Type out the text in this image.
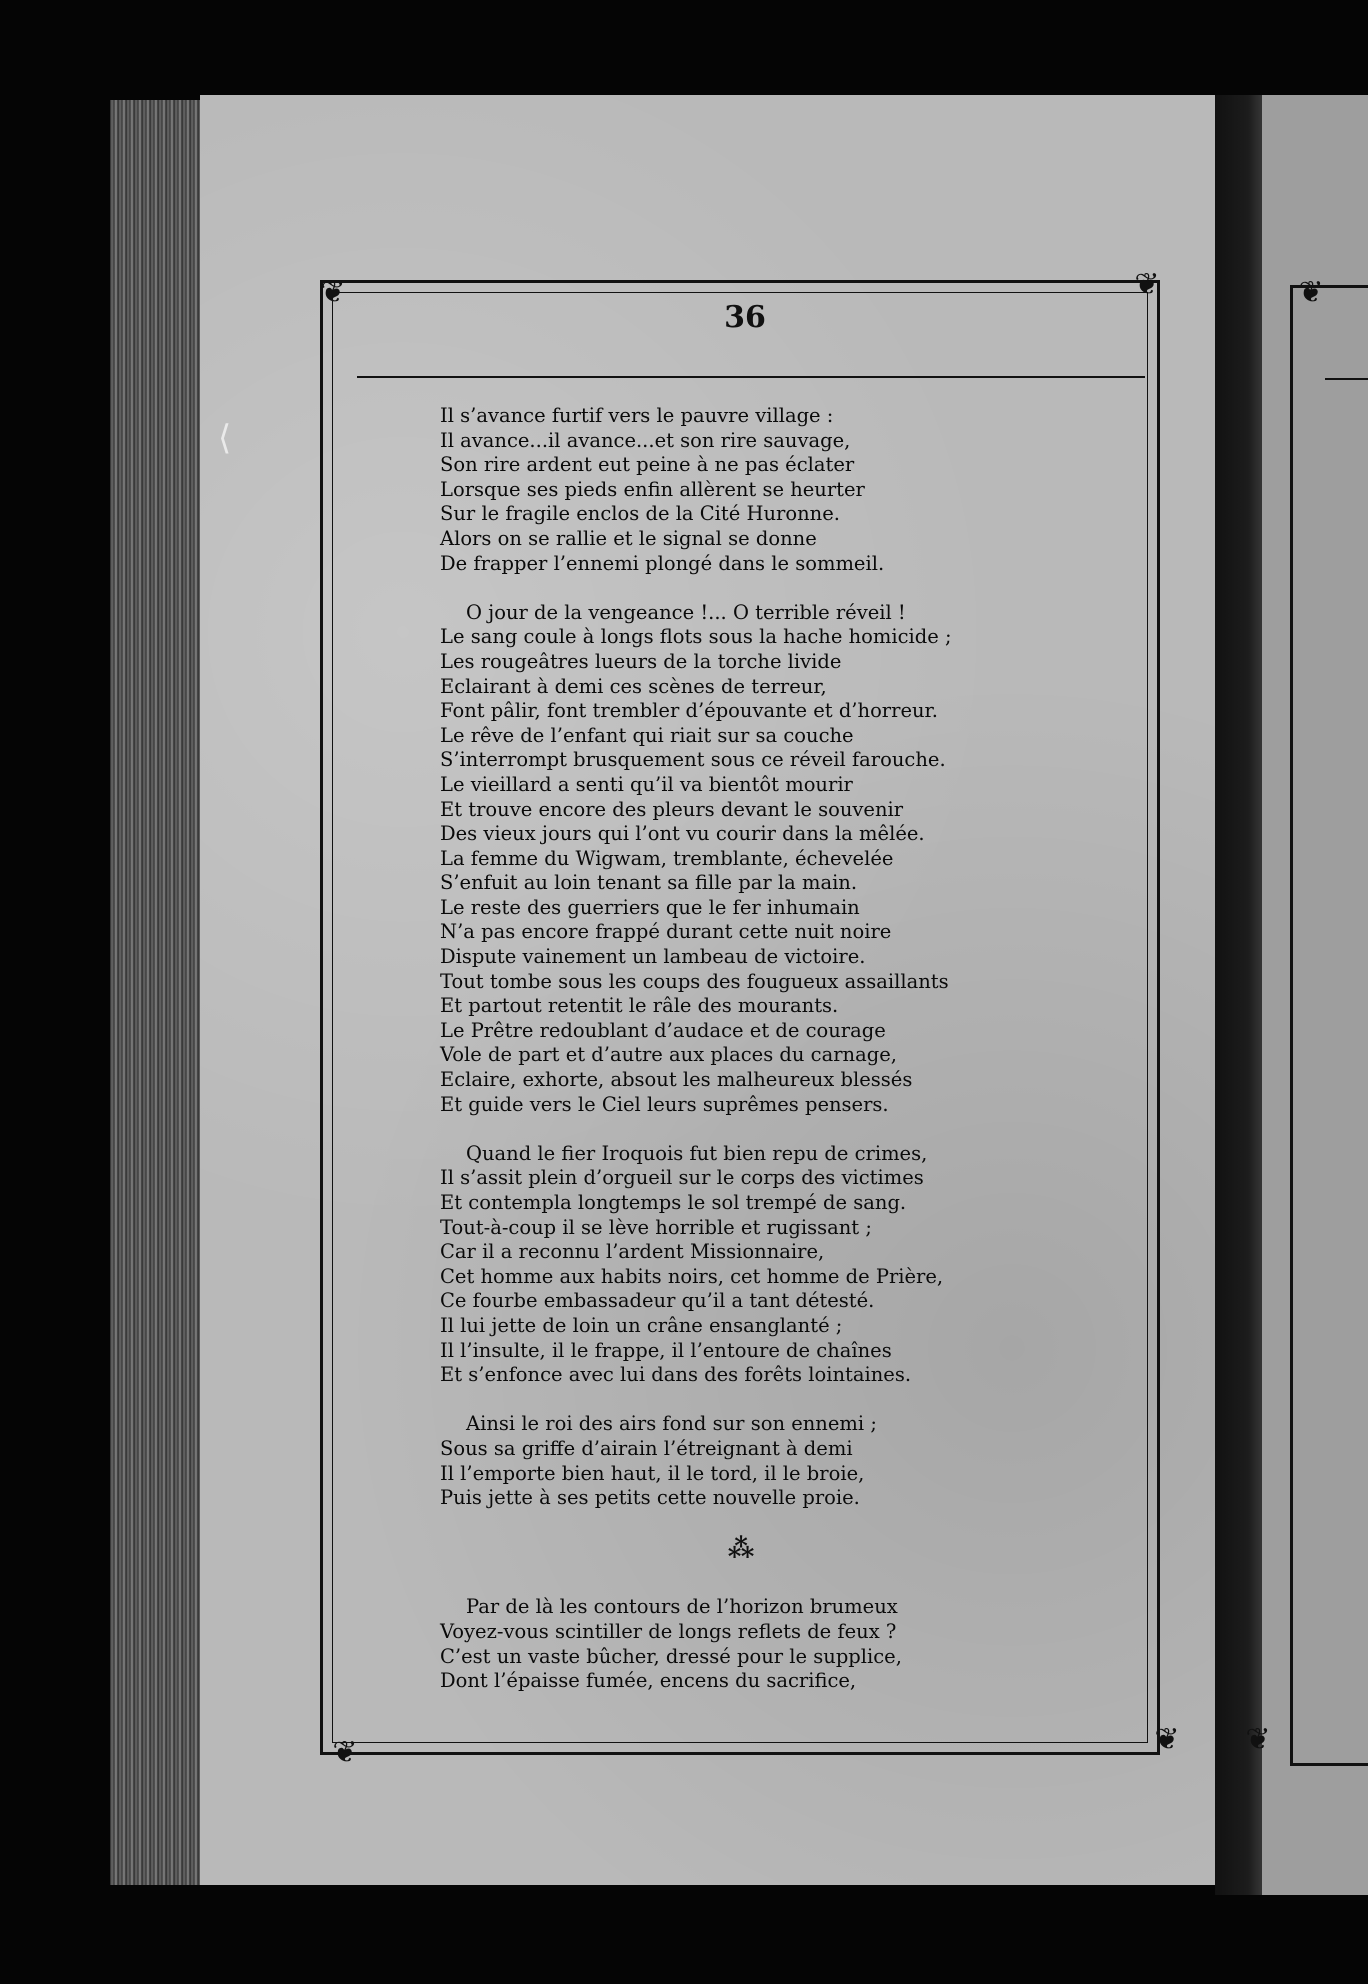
⟨
❦	❦
❦	❦
❦
❦
36
Il s’avance furtif vers le pauvre village :
Il avance...il avance...et son rire sauvage,
Son rire ardent eut peine à ne pas éclater
Lorsque ses pieds enfin allèrent se heurter
Sur le fragile enclos de la Cité Huronne.
Alors on se rallie et le signal se donne
De frapper l’ennemi plongé dans le sommeil.
O jour de la vengeance !... O terrible réveil !
Le sang coule à longs flots sous la hache homicide ;
Les rougeâtres lueurs de la torche livide
Eclairant à demi ces scènes de terreur,
Font pâlir, font trembler d’épouvante et d’horreur.
Le rêve de l’enfant qui riait sur sa couche
S’interrompt brusquement sous ce réveil farouche.
Le vieillard a senti qu’il va bientôt mourir
Et trouve encore des pleurs devant le souvenir
Des vieux jours qui l’ont vu courir dans la mêlée.
La femme du Wigwam, tremblante, échevelée
S’enfuit au loin tenant sa fille par la main.
Le reste des guerriers que le fer inhumain
N’a pas encore frappé durant cette nuit noire
Dispute vainement un lambeau de victoire.
Tout tombe sous les coups des fougueux assaillants
Et partout retentit le râle des mourants.
Le Prêtre redoublant d’audace et de courage
Vole de part et d’autre aux places du carnage,
Eclaire, exhorte, absout les malheureux blessés
Et guide vers le Ciel leurs suprêmes pensers.
Quand le fier Iroquois fut bien repu de crimes,
Il s’assit plein d’orgueil sur le corps des victimes
Et contempla longtemps le sol trempé de sang.
Tout-à-coup il se lève horrible et rugissant ;
Car il a reconnu l’ardent Missionnaire,
Cet homme aux habits noirs, cet homme de Prière,
Ce fourbe embassadeur qu’il a tant détesté.
Il lui jette de loin un crâne ensanglanté ;
Il l’insulte, il le frappe, il l’entoure de chaînes
Et s’enfonce avec lui dans des forêts lointaines.
Ainsi le roi des airs fond sur son ennemi ;
Sous sa griffe d’airain l’étreignant à demi
Il l’emporte bien haut, il le tord, il le broie,
Puis jette à ses petits cette nouvelle proie.
⁂
Par de là les contours de l’horizon brumeux
Voyez-vous scintiller de longs reflets de feux ?
C’est un vaste bûcher, dressé pour le supplice,
Dont l’épaisse fumée, encens du sacrifice,
